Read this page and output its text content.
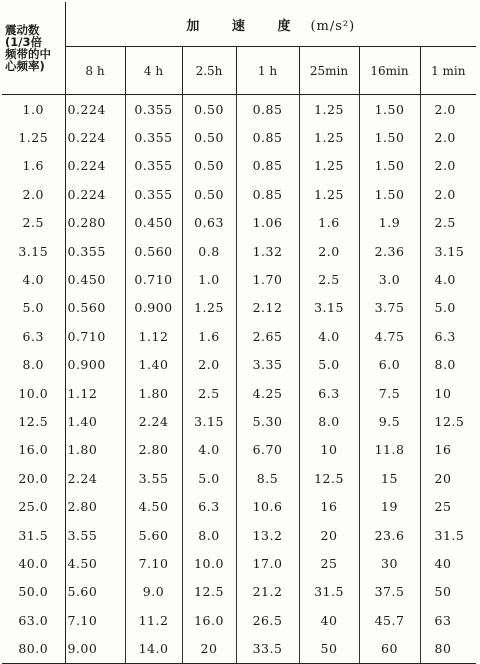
震动数
(1/3倍
频带的中
心频率)	加 速 度 (m/s²)						
	8 h	4 h	2.5h	1 h	25min	16min	1 min
1.0	0.224	0.355	0.50	0.85	1.25	1.50	2.0
1.25	0.224	0.355	0.50	0.85	1.25	1.50	2.0
1.6	0.224	0.355	0.50	0.85	1.25	1.50	2.0
2.0	0.224	0.355	0.50	0.85	1.25	1.50	2.0
2.5	0.280	0.450	0.63	1.06	1.6	1.9	2.5
3.15	0.355	0.560	0.8	1.32	2.0	2.36	3.15
4.0	0.450	0.710	1.0	1.70	2.5	3.0	4.0
5.0	0.560	0.900	1.25	2.12	3.15	3.75	5.0
6.3	0.710	1.12	1.6	2.65	4.0	4.75	6.3
8.0	0.900	1.40	2.0	3.35	5.0	6.0	8.0
10.0	1.12	1.80	2.5	4.25	6.3	7.5	10
12.5	1.40	2.24	3.15	5.30	8.0	9.5	12.5
16.0	1.80	2.80	4.0	6.70	10	11.8	16
20.0	2.24	3.55	5.0	8.5	12.5	15	20
25.0	2.80	4.50	6.3	10.6	16	19	25
31.5	3.55	5.60	8.0	13.2	20	23.6	31.5
40.0	4.50	7.10	10.0	17.0	25	30	40
50.0	5.60	9.0	12.5	21.2	31.5	37.5	50
63.0	7.10	11.2	16.0	26.5	40	45.7	63
80.0	9.00	14.0	20	33.5	50	60	80
